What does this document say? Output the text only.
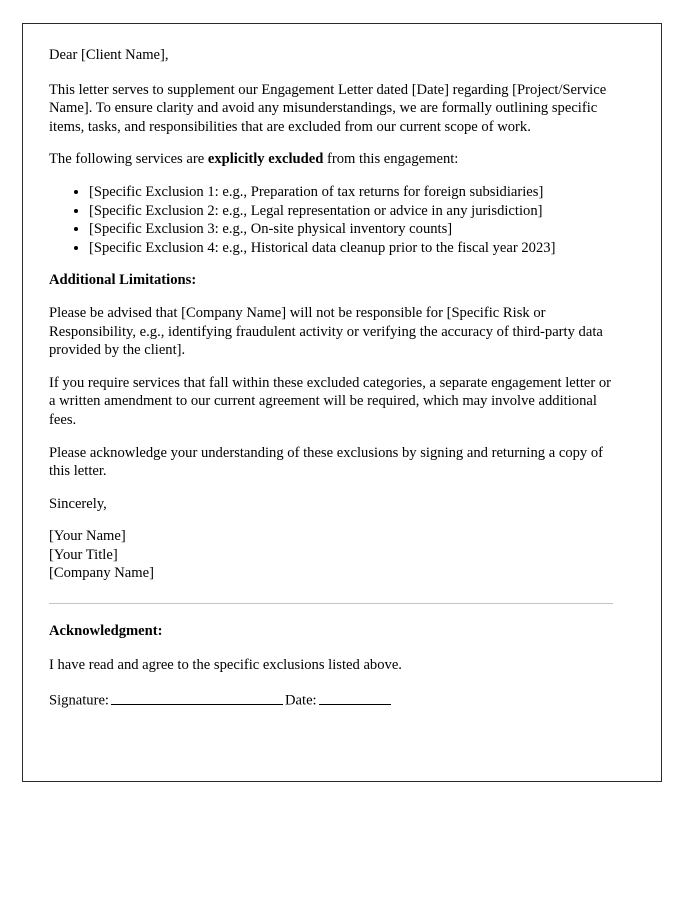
Dear [Client Name],

This letter serves to supplement our Engagement Letter dated [Date] regarding [Project/Service Name]. To ensure clarity and avoid any misunderstandings, we are formally outlining specific items, tasks, and responsibilities that are excluded from our current scope of work.

The following services are explicitly excluded from this engagement:

• [Specific Exclusion 1: e.g., Preparation of tax returns for foreign subsidiaries]
• [Specific Exclusion 2: e.g., Legal representation or advice in any jurisdiction]
• [Specific Exclusion 3: e.g., On-site physical inventory counts]
• [Specific Exclusion 4: e.g., Historical data cleanup prior to the fiscal year 2023]
Additional Limitations:

Please be advised that [Company Name] will not be responsible for [Specific Risk or Responsibility, e.g., identifying fraudulent activity or verifying the accuracy of third-party data provided by the client].

If you require services that fall within these excluded categories, a separate engagement letter or a written amendment to our current agreement will be required, which may involve additional fees.

Please acknowledge your understanding of these exclusions by signing and returning a copy of this letter.

Sincerely,

[Your Name]
[Your Title]
[Company Name]
Acknowledgment:

I have read and agree to the specific exclusions listed above.

Signature:	Date:
